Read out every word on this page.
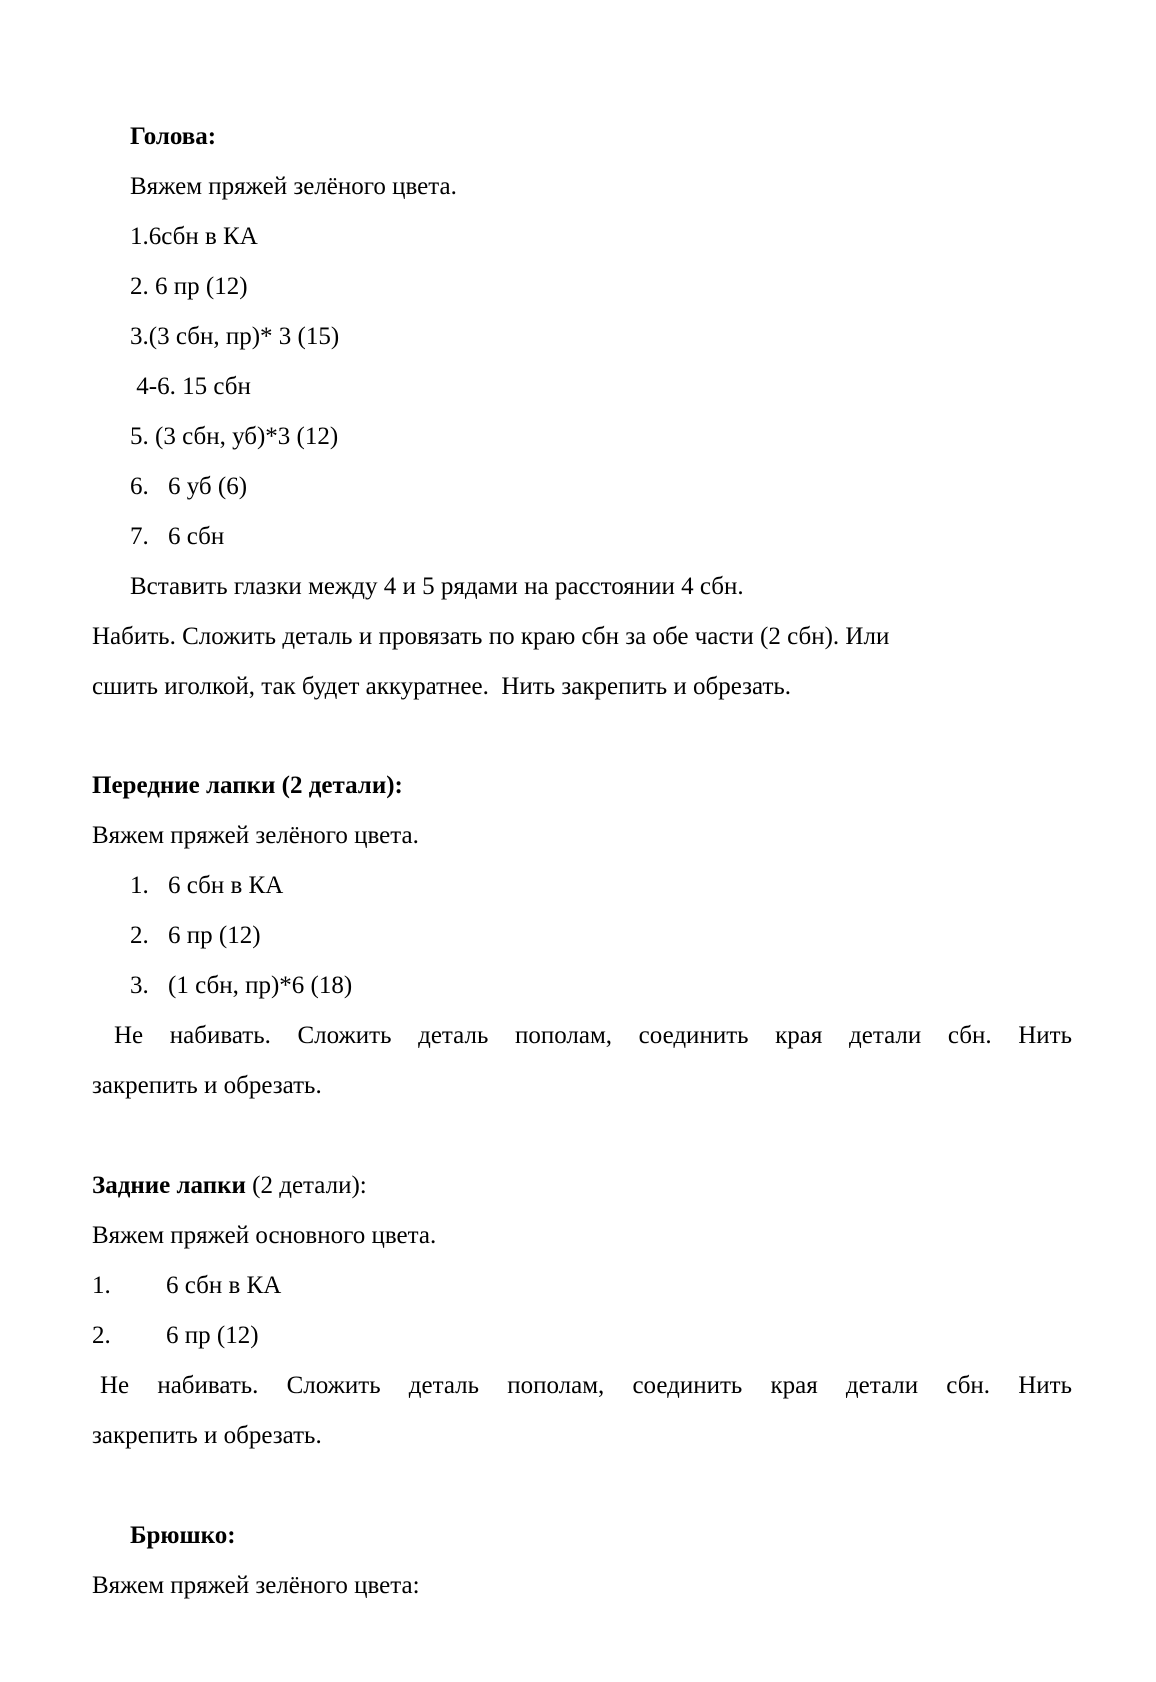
Голова:

Вяжем пряжей зелёного цвета.

1.6сбн в КА

2. 6 пр (12)

3.(3 сбн, пр)* 3 (15)

4-6. 15 сбн

5. (3 сбн, уб)*3 (12)

6. 6 уб (6)

7. 6 сбн

Вставить глазки между 4 и 5 рядами на расстоянии 4 сбн.

Набить. Сложить деталь и провязать по краю сбн за обе части (2 сбн). Или

сшить иголкой, так будет аккуратнее.  Нить закрепить и обрезать.

Передние лапки (2 детали):

Вяжем пряжей зелёного цвета.

1. 6 сбн в КА

2. 6 пр (12)

3. (1 сбн, пр)*6 (18)

Не набивать. Сложить деталь пополам, соединить края детали сбн. Нить

закрепить и обрезать.

Задние лапки (2 детали):

Вяжем пряжей основного цвета.

1. 6 сбн в КА

2. 6 пр (12)

Не набивать. Сложить деталь пополам, соединить края детали сбн. Нить

закрепить и обрезать.

Брюшко:

Вяжем пряжей зелёного цвета:
